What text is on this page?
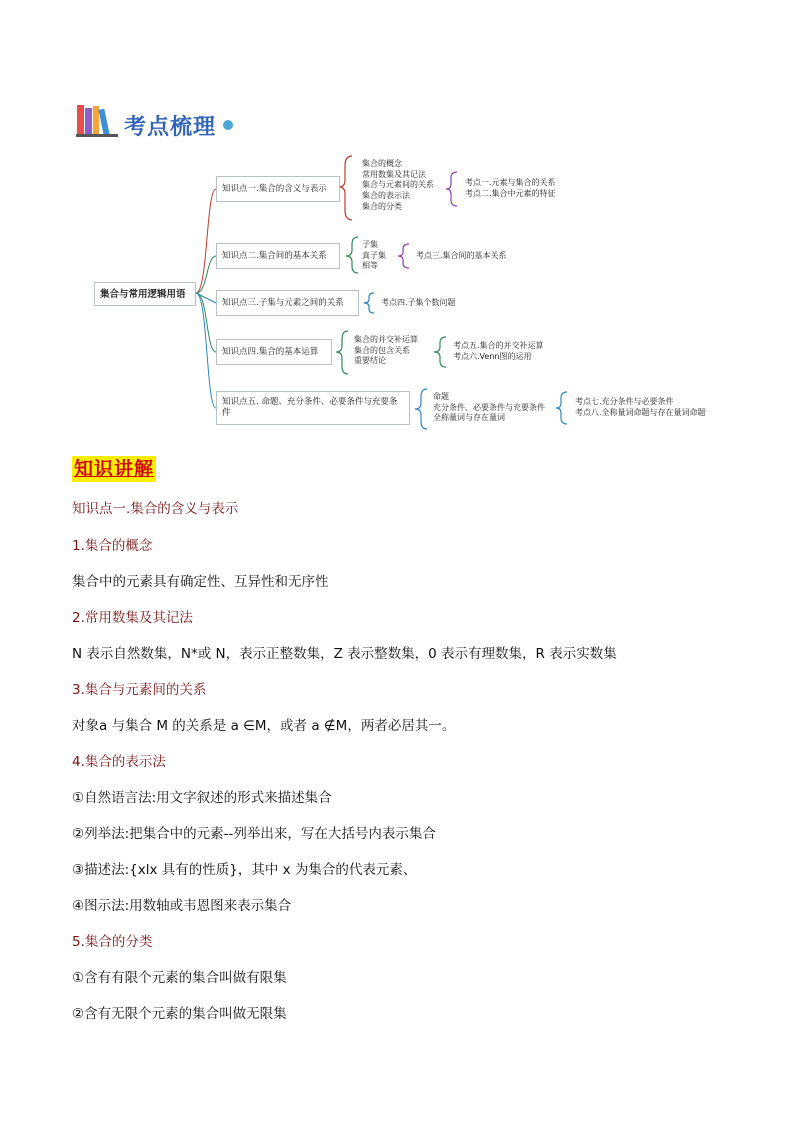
考点梳理
集合与常用逻辑用语
知识点一.集合的含义与表示
集合的概念
常用数集及其记法
集合与元素间的关系
集合的表示法
集合的分类
考点一.元素与集合的关系
考点二.集合中元素的特征
知识点二.集合间的基本关系
子集
真子集
相等
考点三.集合间的基本关系
知识点三.子集与元素之间的关系	考点四.子集个数问题
知识点四.集合的基本运算
集合的并交补运算
集合的包含关系
重要结论
考点五.集合的并交补运算
考点六.Venn图的运用
知识点五. 命题、充分条件、必要条件与充要条件
命题
充分条件、必要条件与充要条件
全称量词与存在量词
考点七.充分条件与必要条件
考点八.全称量词命题与存在量词命题
知识讲解
知识点一.集合的含义与表示
1.集合的概念
集合中的元素具有确定性、互异性和无序性
2.常用数集及其记法
N 表示自然数集，N*或 N，表示正整数集，Z 表示整数集，0 表示有理数集，R 表示实数集
3.集合与元素间的关系
对象a 与集合 M 的关系是 a ∈M，或者 a ∉M，两者必居其一。
4.集合的表示法
①自然语言法:用文字叙述的形式来描述集合
②列举法:把集合中的元素--列举出来，写在大括号内表示集合
③描述法:{xlx 具有的性质}，其中 x 为集合的代表元素、
④图示法:用数轴或韦恩图来表示集合
5.集合的分类
①含有有限个元素的集合叫做有限集
②含有无限个元素的集合叫做无限集
